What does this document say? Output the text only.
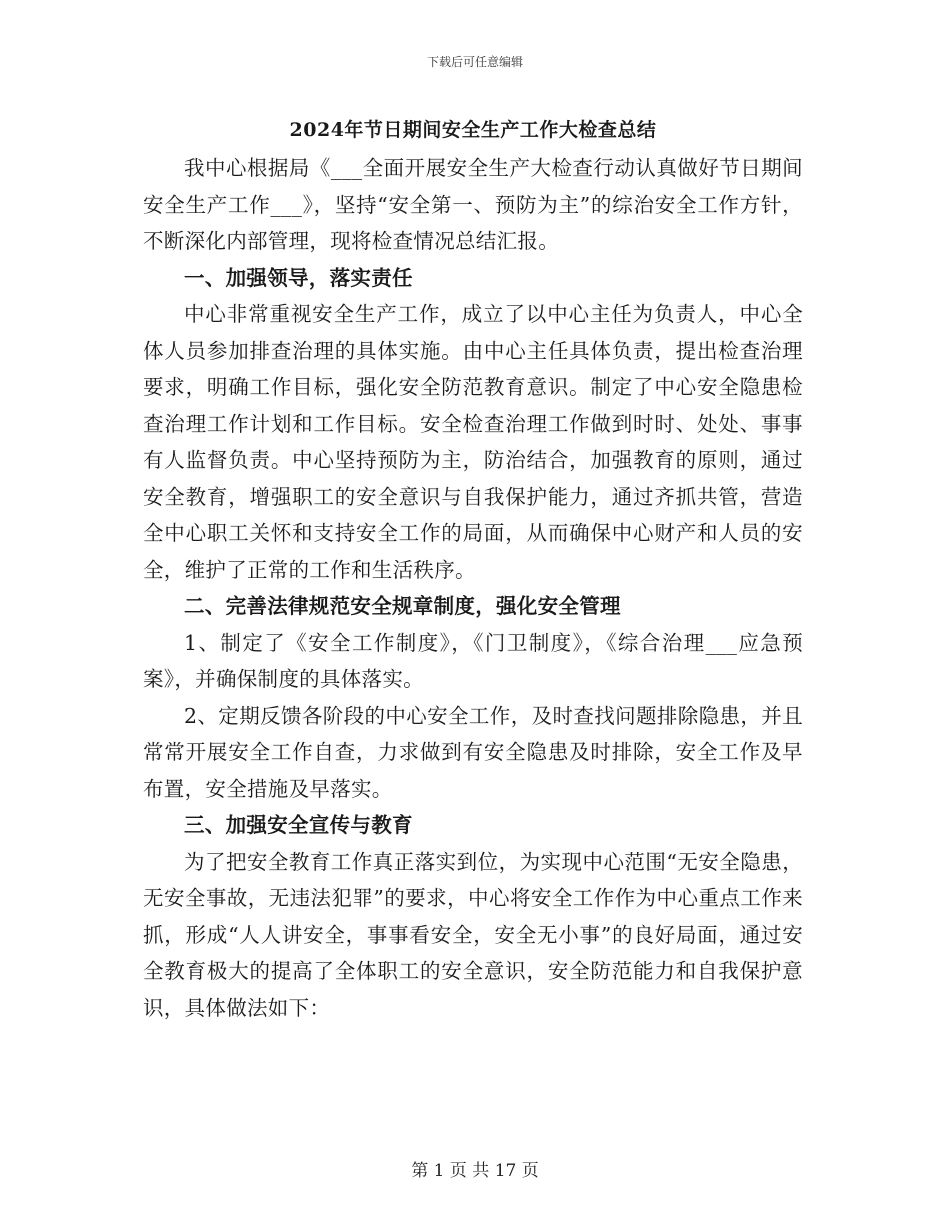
下载后可任意编辑
2024年节日期间安全生产工作大检查总结

我中心根据局《___全面开展安全生产大检查行动认真做好节日期间安全生产工作___》，坚持“安全第一、预防为主”的综治安全工作方针，不断深化内部管理，现将检查情况总结汇报。

一、加强领导，落实责任

中心非常重视安全生产工作，成立了以中心主任为负责人，中心全体人员参加排查治理的具体实施。由中心主任具体负责，提出检查治理要求，明确工作目标，强化安全防范教育意识。制定了中心安全隐患检查治理工作计划和工作目标。安全检查治理工作做到时时、处处、事事有人监督负责。中心坚持预防为主，防治结合，加强教育的原则，通过安全教育，增强职工的安全意识与自我保护能力，通过齐抓共管，营造全中心职工关怀和支持安全工作的局面，从而确保中心财产和人员的安全，维护了正常的工作和生活秩序。

二、完善法律规范安全规章制度，强化安全管理

1、制定了《安全工作制度》，《门卫制度》，《综合治理___应急预案》，并确保制度的具体落实。

2、定期反馈各阶段的中心安全工作，及时查找问题排除隐患，并且常常开展安全工作自查，力求做到有安全隐患及时排除，安全工作及早布置，安全措施及早落实。

三、加强安全宣传与教育

为了把安全教育工作真正落实到位，为实现中心范围“无安全隐患，无安全事故，无违法犯罪”的要求，中心将安全工作作为中心重点工作来抓，形成“人人讲安全，事事看安全，安全无小事”的良好局面，通过安全教育极大的提高了全体职工的安全意识，安全防范能力和自我保护意识，具体做法如下：

第 1 页 共 17 页
